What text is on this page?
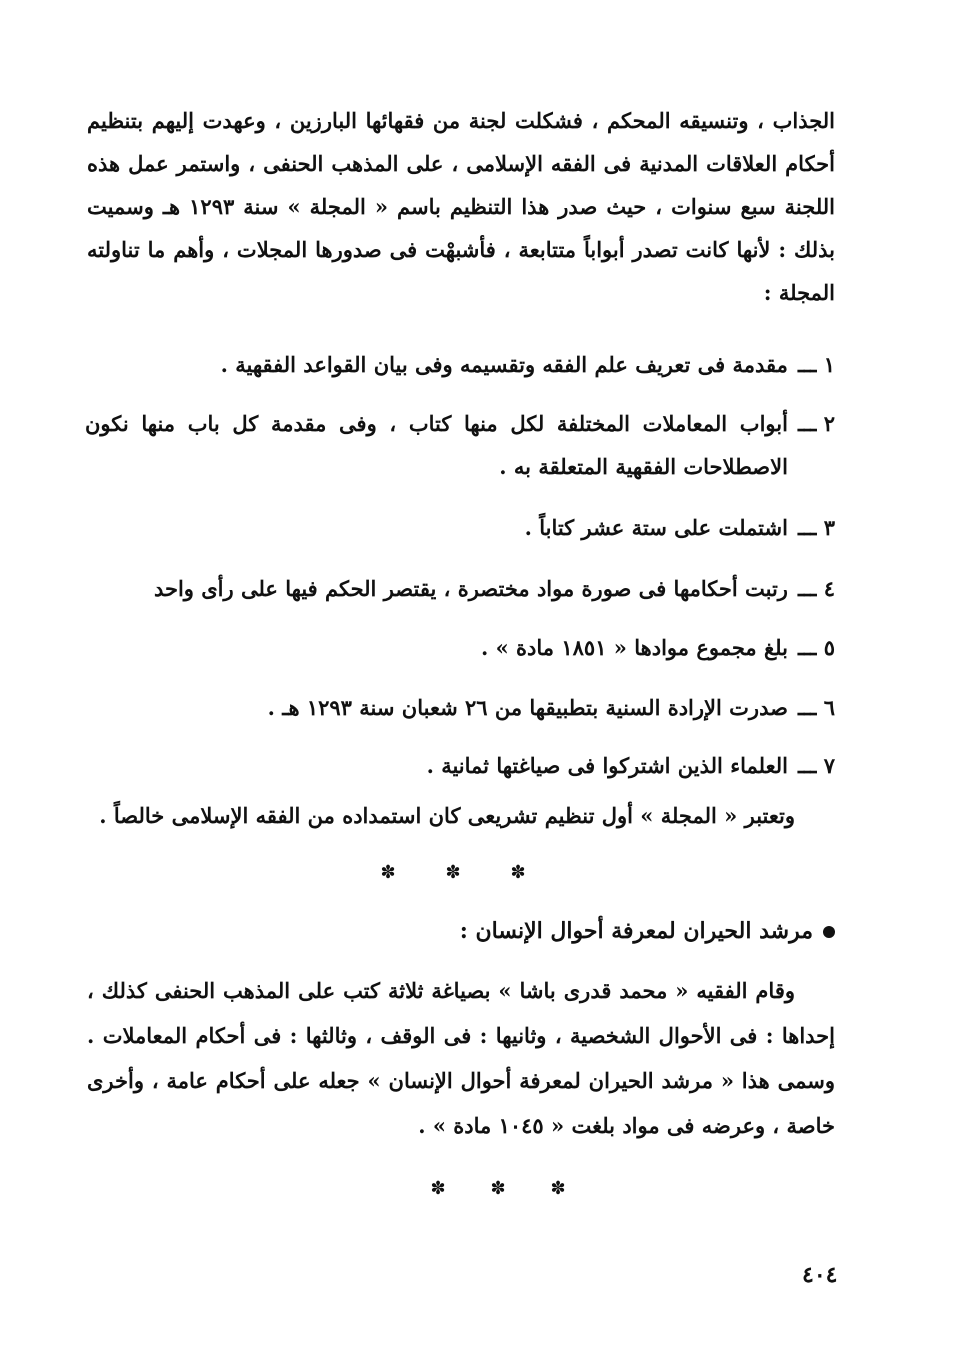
الجذاب ، وتنسيقه المحكم ، فشكلت لجنة من فقهائها البارزين ، وعهدت إليهم بتنظيم أحكام العلاقات المدنية فى الفقه الإسلامى ، على المذهب الحنفى ، واستمر عمل هذه اللجنة سبع سنوات ، حيث صدر هذا التنظيم باسم « المجلة » سنة ١٢٩٣ هـ وسميت بذلك : لأنها كانت تصدر أبواباً متتابعة ، فأشبهْت فى صدورها المجلات ، وأهم ما تناولته المجلة :

١ ـــ
مقدمة فى تعريف علم الفقه وتقسيمه وفى بيان القواعد الفقهية .
٢ ـــ
أبواب المعاملات المختلفة لكل منها كتاب ، وفى مقدمة كل باب منها نكون الاصطلاحات الفقهية المتعلقة به .
٣ ـــ
اشتملت على ستة عشر كتاباً .
٤ ـــ
رتبت أحكامها فى صورة مواد مختصرة ، يقتصر الحكم فيها على رأى واحد
٥ ـــ
بلغ مجموع موادها « ١٨٥١ مادة » .
٦ ـــ
صدرت الإرادة السنية بتطبيقها من ٢٦ شعبان سنة ١٢٩٣ هـ .
٧ ـــ
العلماء الذين اشتركوا فى صياغتها ثمانية .

وتعتبر « المجلة » أول تنظيم تشريعى كان استمداده من الفقه الإسلامى خالصاً .

✽
✽
✽
مرشد الحيران لمعرفة أحوال الإنسان :

وقام الفقيه « محمد قدرى باشا » بصياغة ثلاثة كتب على المذهب الحنفى كذلك ، إحداها : فى الأحوال الشخصية ، وثانيها : فى الوقف ، وثالثها : فى أحكام المعاملات . وسمى هذا « مرشد الحيران لمعرفة أحوال الإنسان » جعله على أحكام عامة ، وأخرى خاصة ، وعرضه فى مواد بلغت « ١٠٤٥ مادة » .

✽
✽
✽
٤٠٤
